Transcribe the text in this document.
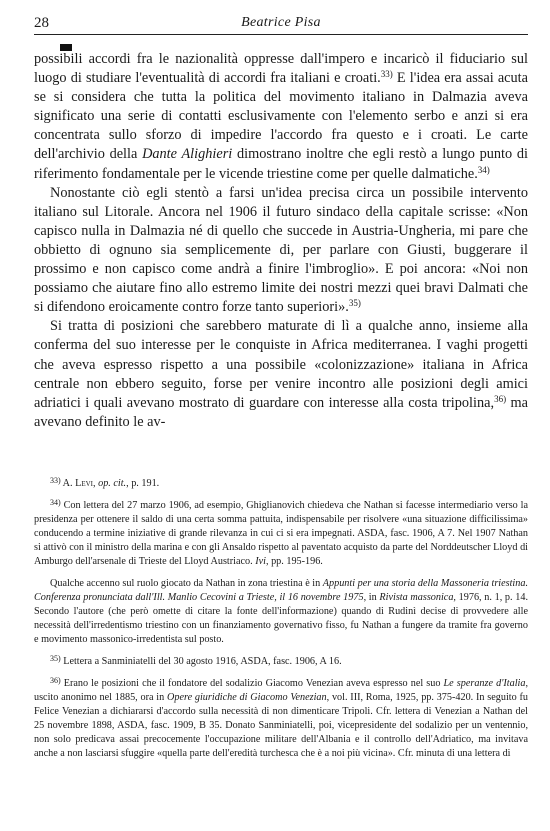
28	Beatrice Pisa

possibili accordi fra le nazionalità oppresse dall'impero e incaricò il fiduciario sul luogo di studiare l'eventualità di accordi fra italiani e croati.$^{33)}$ E l'idea era assai acuta se si considera che tutta la politica del movimento italiano in Dalmazia aveva significato una serie di contatti esclusivamente con l'elemento serbo e anzi si era concentrata sullo sforzo di impedire l'accordo fra questo e i croati. Le carte dell'archivio della Dante Alighieri dimostrano inoltre che egli restò a lungo punto di riferimento fondamentale per le vicende triestine come per quelle dalmatiche.$^{34)}$

Nonostante ciò egli stentò a farsi un'idea precisa circa un possibile intervento italiano sul Litorale. Ancora nel 1906 il futuro sindaco della capitale scrisse: «Non capisco nulla in Dalmazia né di quello che succede in Austria-Ungheria, mi pare che obbietto di ognuno sia semplicemente di, per parlare con Giusti, buggerare il prossimo e non capisco come andrà a finire l'imbroglio». E poi ancora: «Noi non possiamo che aiutare fino allo estremo limite dei nostri mezzi quei bravi Dalmati che si difendono eroicamente contro forze tanto superiori».$^{35)}$

Si tratta di posizioni che sarebbero maturate di lì a qualche anno, insieme alla conferma del suo interesse per le conquiste in Africa mediterranea. I vaghi progetti che aveva espresso rispetto a una possibile «colonizzazione» italiana in Africa centrale non ebbero seguito, forse per venire incontro alle posizioni degli amici adriatici i quali avevano mostrato di guardare con interesse alla costa tripolina,$^{36)}$ ma avevano definito le av-

$^{33)}$ A. Levi, op. cit., p. 191.

$^{34)}$ Con lettera del 27 marzo 1906, ad esempio, Ghiglianovich chiedeva che Nathan si facesse intermediario verso la presidenza per ottenere il saldo di una certa somma pattuita, indispensabile per risolvere «una situazione difficilissima» conducendo a termine iniziative di grande rilevanza in cui ci si era impegnati. ASDA, fasc. 1906, A 7. Nel 1907 Nathan si attivò con il ministro della marina e con gli Ansaldo rispetto al paventato acquisto da parte del Norddeutscher Lloyd di Amburgo dell'arsenale di Trieste del Lloyd Austriaco. Ivi, pp. 195-196.

Qualche accenno sul ruolo giocato da Nathan in zona triestina è in Appunti per una storia della Massoneria triestina. Conferenza pronunciata dall'Ill. Manlio Cecovini a Trieste, il 16 novembre 1975, in Rivista massonica, 1976, n. 1, p. 14. Secondo l'autore (che però omette di citare la fonte dell'informazione) quando di Rudinì decise di provvedere alle necessità dell'irredentismo triestino con un finanziamento governativo fisso, fu Nathan a fungere da tramite fra governo e movimento massonico-irredentista sul posto.

$^{35)}$ Lettera a Sanminiatelli del 30 agosto 1916, ASDA, fasc. 1906, A 16.

$^{36)}$ Erano le posizioni che il fondatore del sodalizio Giacomo Venezian aveva espresso nel suo Le speranze d'Italia, uscito anonimo nel 1885, ora in Opere giuridiche di Giacomo Venezian, vol. III, Roma, 1925, pp. 375-420. In seguito fu Felice Venezian a dichiararsi d'accordo sulla necessità di non dimenticare Tripoli. Cfr. lettera di Venezian a Nathan del 25 novembre 1898, ASDA, fasc. 1909, B 35. Donato Sanminiatelli, poi, vicepresidente del sodalizio per un ventennio, non solo predicava assai precocemente l'occupazione militare dell'Albania e il controllo dell'Adriatico, ma invitava anche a non lasciarsi sfuggire «quella parte dell'eredità turchesca che è a noi più vicina». Cfr. minuta di una lettera di
